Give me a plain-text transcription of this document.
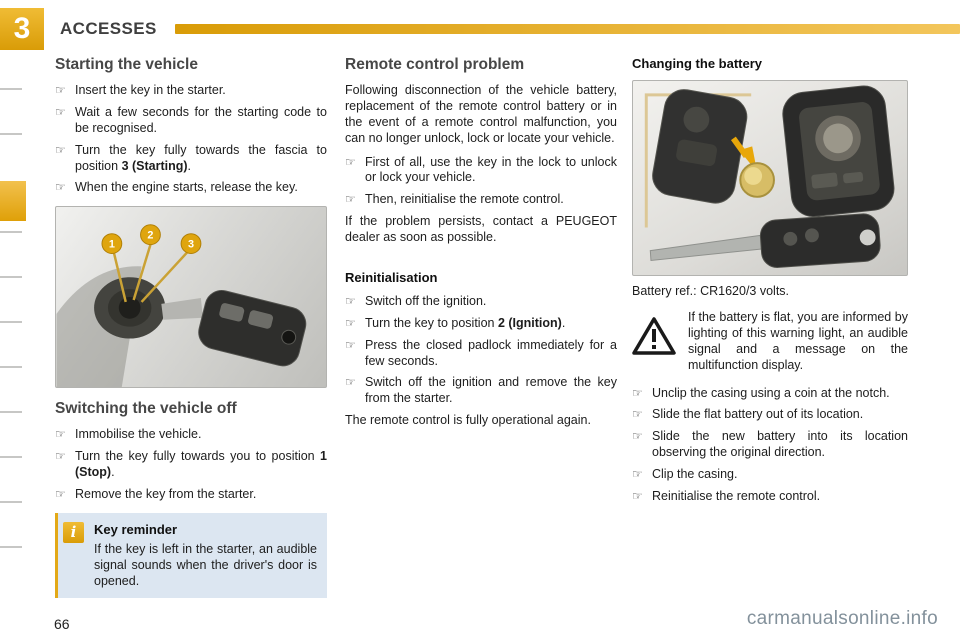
3	ACCESSES
Starting the vehicle
☞ Insert the key in the starter.
☞ Wait a few seconds for the starting code to be recognised.
☞ Turn the key fully towards the fascia to position 3 (Starting).
☞ When the engine starts, release the key.
1
2
3
Switching the vehicle off
☞ Immobilise the vehicle.
☞ Turn the key fully towards you to position 1 (Stop).
☞ Remove the key from the starter.
i	Key reminder
If the key is left in the starter, an audible signal sounds when the driver's door is opened.
Remote control problem

Following disconnection of the vehicle battery, replacement of the remote control battery or in the event of a remote control malfunction, you can no longer unlock, lock or locate your vehicle.

☞ First of all, use the key in the lock to unlock or lock your vehicle.
☞ Then, reinitialise the remote control.

If the problem persists, contact a PEUGEOT dealer as soon as possible.

Reinitialisation
☞ Switch off the ignition.
☞ Turn the key to position 2 (Ignition).
☞ Press the closed padlock immediately for a few seconds.
☞ Switch off the ignition and remove the key from the starter.

The remote control is fully operational again.

Changing the battery

Battery ref.: CR1620/3 volts.

If the battery is flat, you are informed by lighting of this warning light, an audible signal and a message on the multifunction display.
☞ Unclip the casing using a coin at the notch.
☞ Slide the flat battery out of its location.
☞ Slide the new battery into its location observing the original direction.
☞ Clip the casing.
☞ Reinitialise the remote control.
66	carmanualsonline.info
